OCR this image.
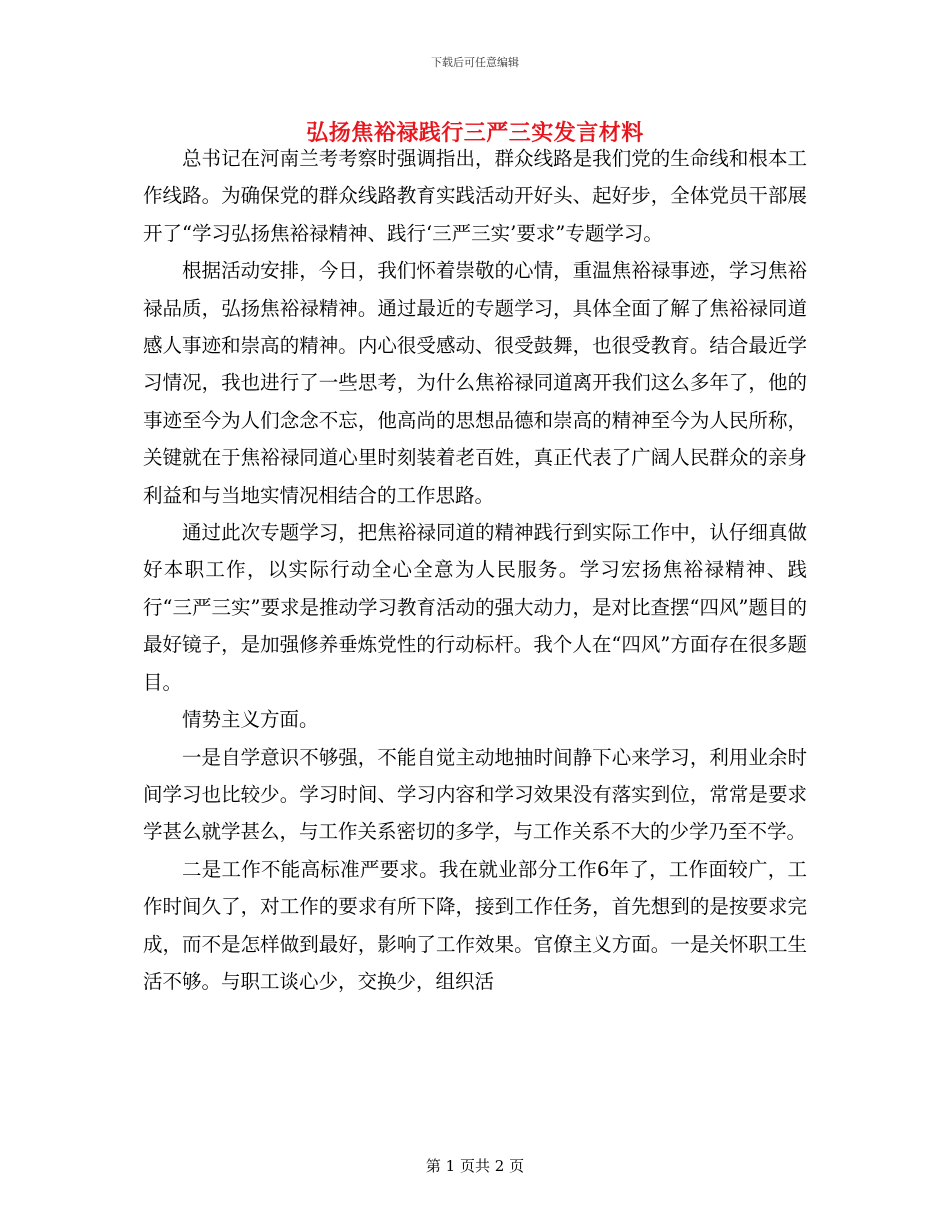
下载后可任意编辑
弘扬焦裕禄践行三严三实发言材料

总书记在河南兰考考察时强调指出，群众线路是我们党的生命线和根本工作线路。为确保党的群众线路教育实践活动开好头、起好步，全体党员干部展开了“学习弘扬焦裕禄精神、践行‘三严三实’要求”专题学习。

根据活动安排，今日，我们怀着崇敬的心情，重温焦裕禄事迹，学习焦裕禄品质，弘扬焦裕禄精神。通过最近的专题学习，具体全面了解了焦裕禄同道感人事迹和崇高的精神。内心很受感动、很受鼓舞，也很受教育。结合最近学习情况，我也进行了一些思考，为什么焦裕禄同道离开我们这么多年了，他的事迹至今为人们念念不忘，他高尚的思想品德和崇高的精神至今为人民所称，关键就在于焦裕禄同道心里时刻装着老百姓，真正代表了广阔人民群众的亲身利益和与当地实情况相结合的工作思路。

通过此次专题学习，把焦裕禄同道的精神践行到实际工作中，认仔细真做好本职工作，以实际行动全心全意为人民服务。学习宏扬焦裕禄精神、践行“三严三实”要求是推动学习教育活动的强大动力，是对比查摆“四风”题目的最好镜子，是加强修养垂炼党性的行动标杆。我个人在“四风”方面存在很多题目。

情势主义方面。

一是自学意识不够强，不能自觉主动地抽时间静下心来学习，利用业余时间学习也比较少。学习时间、学习内容和学习效果没有落实到位，常常是要求学甚么就学甚么，与工作关系密切的多学，与工作关系不大的少学乃至不学。

二是工作不能高标准严要求。我在就业部分工作6年了，工作面较广，工作时间久了，对工作的要求有所下降，接到工作任务，首先想到的是按要求完成，而不是怎样做到最好，影响了工作效果。官僚主义方面。一是关怀职工生活不够。与职工谈心少，交换少，组织活

第 1 页共 2 页
